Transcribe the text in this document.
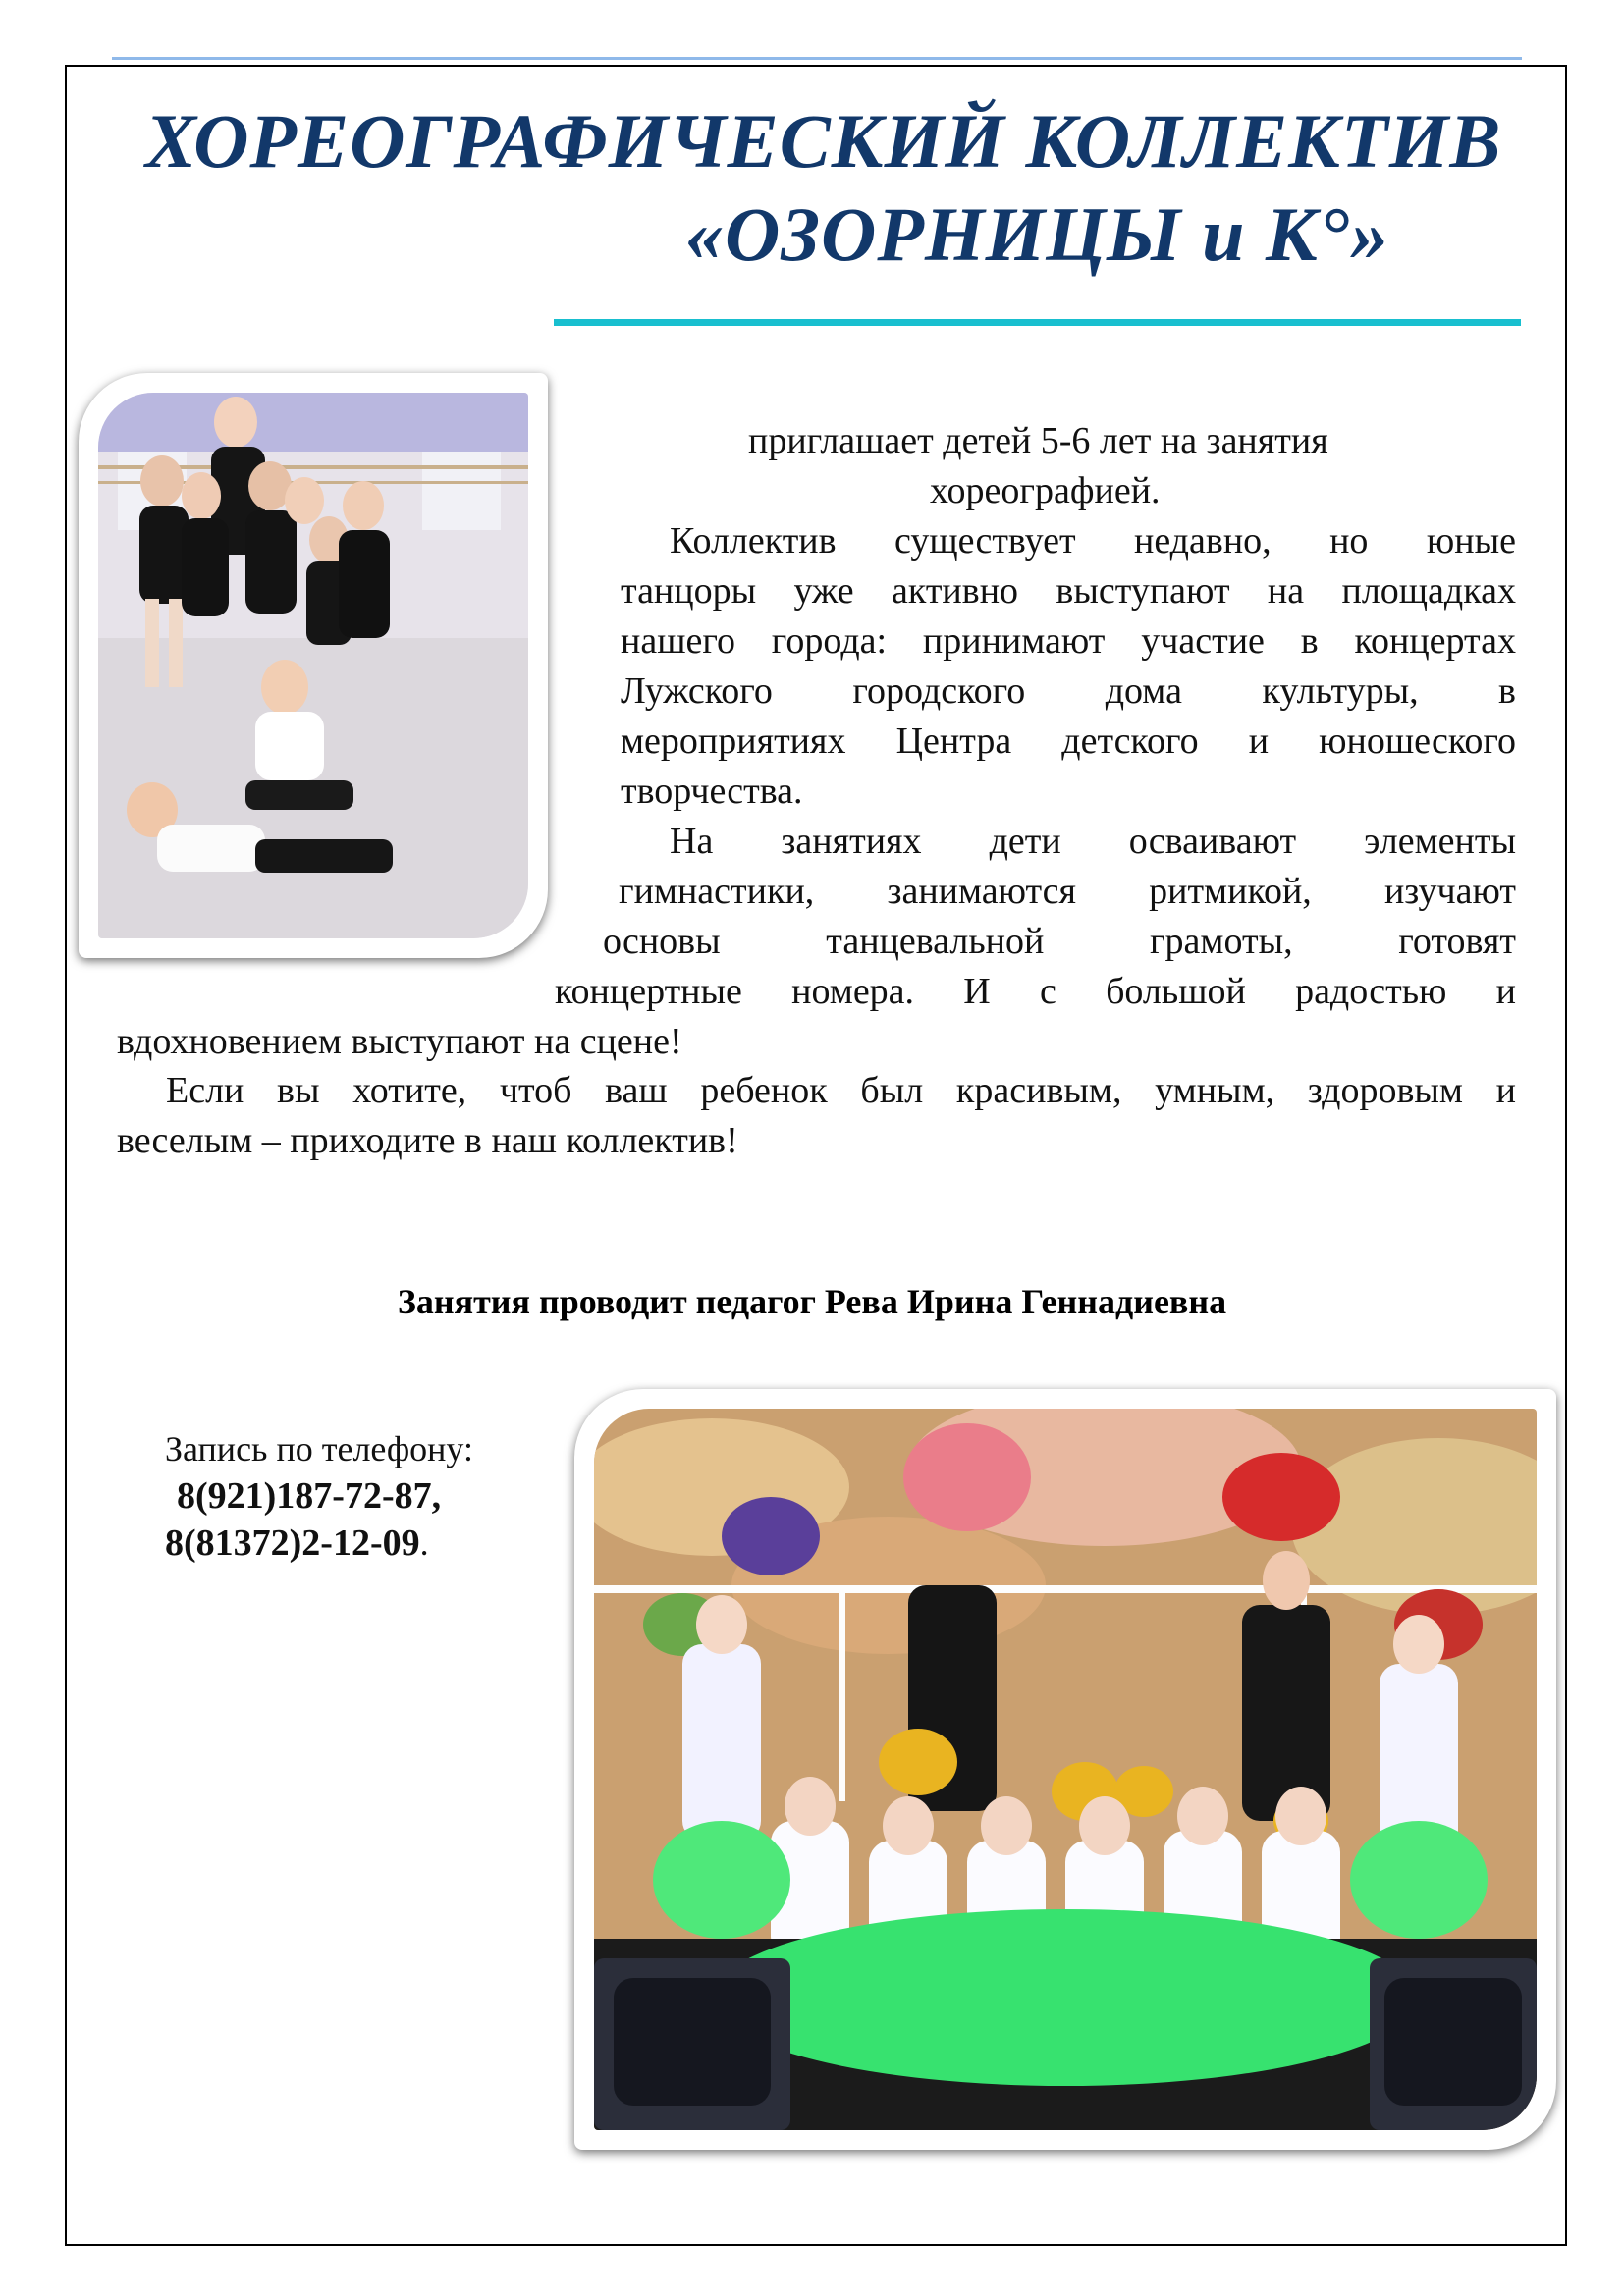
ХОРЕОГРАФИЧЕСКИЙ КОЛЛЕКТИВ
«ОЗОРНИЦЫ и К°»
приглашает детей 5-6 лет на занятия
хореографией.
Коллектив существует недавно, но юные
танцоры уже активно выступают на площадках
нашего города: принимают участие в концертах
Лужского городского дома культуры, в
мероприятиях Центра детского и юношеского
творчества.
На занятиях дети осваивают элементы
гимнастики, занимаются ритмикой, изучают
основы танцевальной грамоты, готовят
концертные номера. И с большой радостью и
вдохновением выступают на сцене!
Если вы хотите, чтоб ваш ребенок был красивым, умным, здоровым и
веселым – приходите в наш коллектив!
Занятия проводит педагог Рева Ирина Геннадиевна
Запись по телефону:
8(921)187-72-87,
8(81372)2-12-09.
